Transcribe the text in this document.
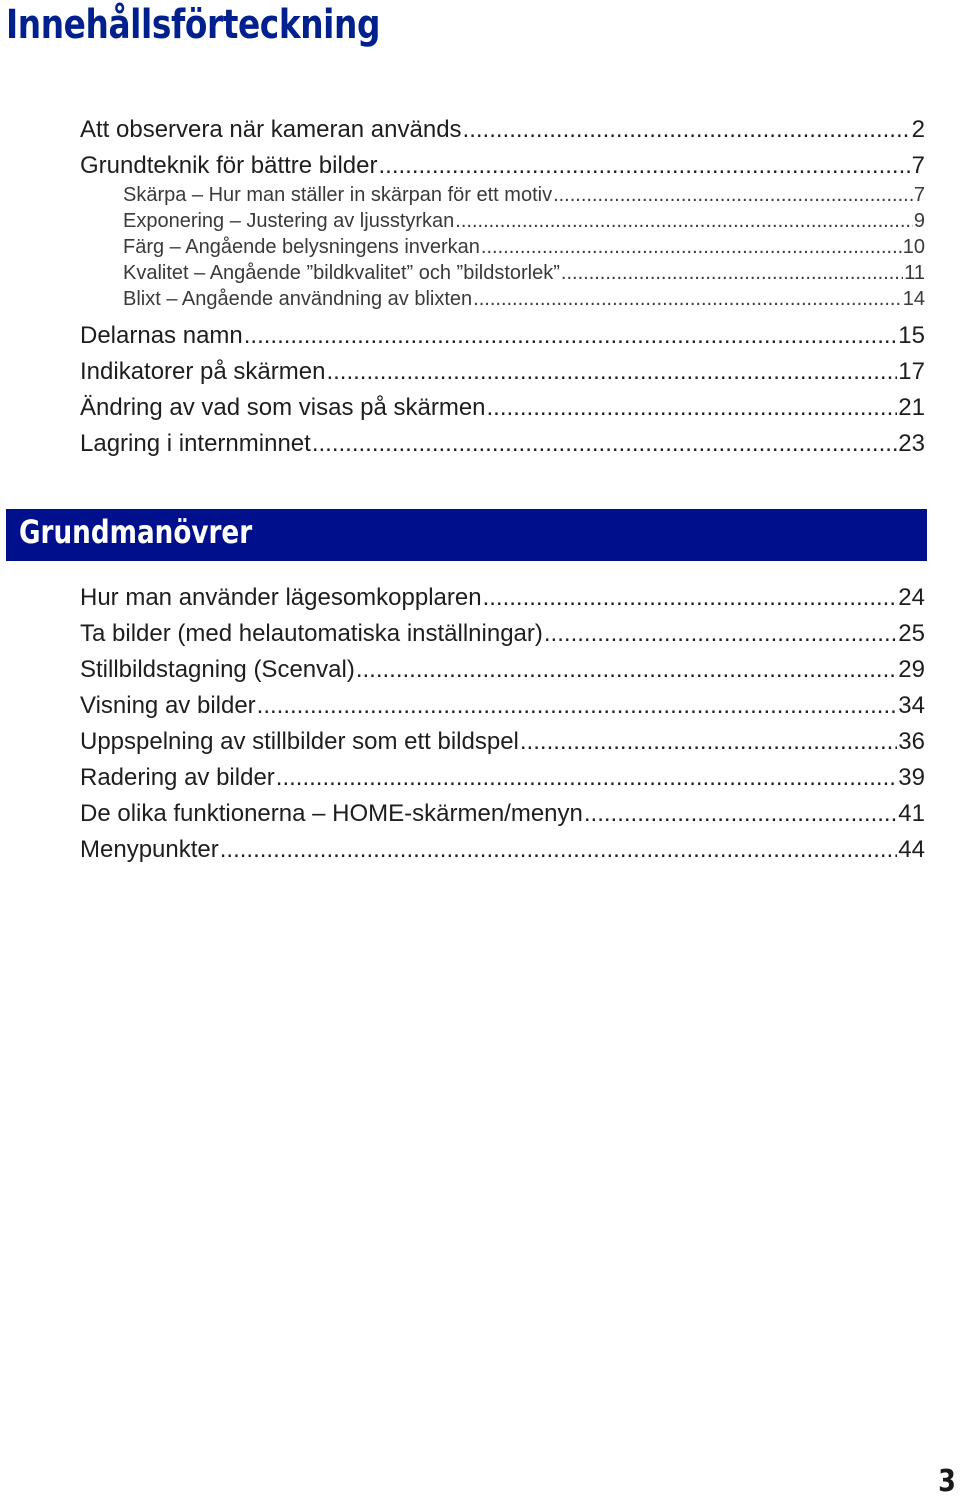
Innehållsförteckning
Att observera när kameran används .....	2
Grundteknik för bättre bilder .....	7
Skärpa – Hur man ställer in skärpan för ett motiv .....	7
Exponering – Justering av ljusstyrkan .....	9
Färg – Angående belysningens inverkan .....	10
Kvalitet – Angående ”bildkvalitet” och ”bildstorlek” .....	11
Blixt – Angående användning av blixten .....	14
Delarnas namn .....	15
Indikatorer på skärmen .....	17
Ändring av vad som visas på skärmen .....	21
Lagring i internminnet .....	23
Grundmanövrer
Hur man använder lägesomkopplaren .....	24
Ta bilder (med helautomatiska inställningar) .....	25
Stillbildstagning (Scenval) .....	29
Visning av bilder .....	34
Uppspelning av stillbilder som ett bildspel .....	36
Radering av bilder .....	39
De olika funktionerna – HOME-skärmen/menyn .....	41
Menypunkter .....	44

3
